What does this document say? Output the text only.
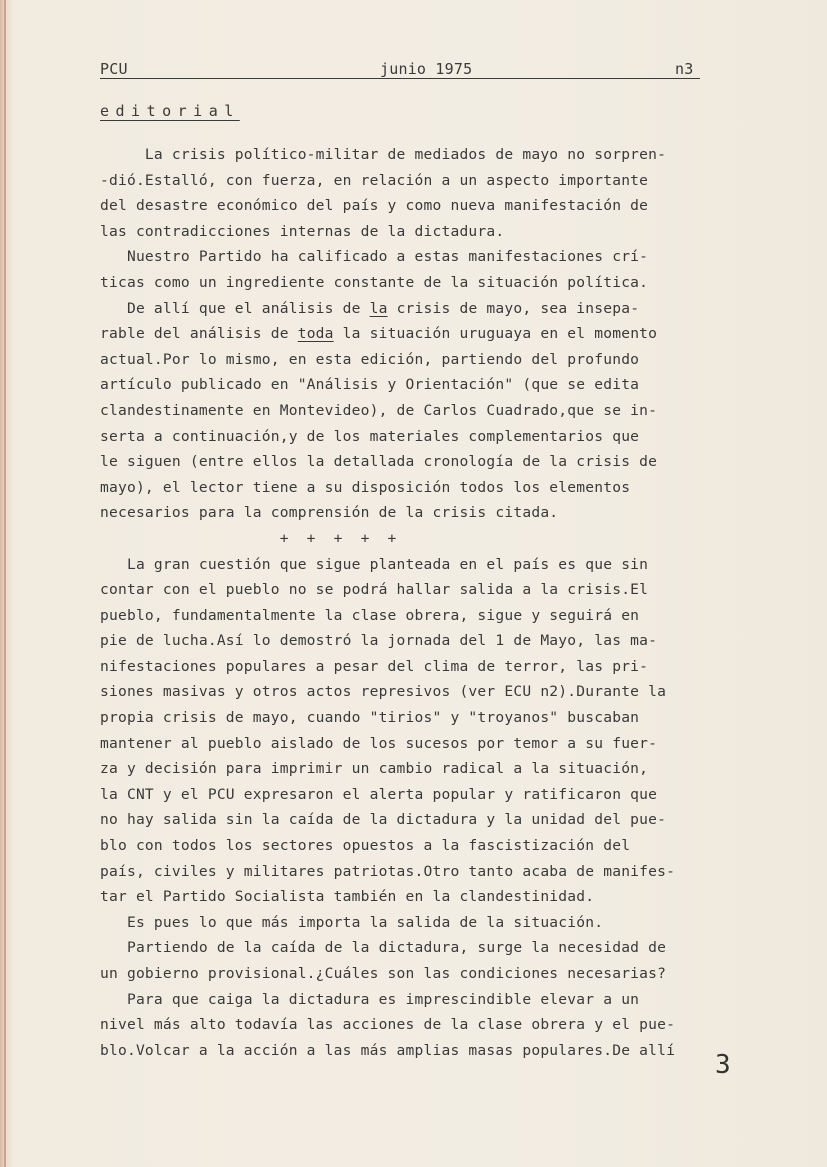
PCU	junio 1975	n3
editorial
La crisis político-militar de mediados de mayo no sorpren-
-dió.Estalló, con fuerza, en relación a un aspecto importante
del desastre económico del país y como nueva manifestación de
las contradicciones internas de la dictadura.
Nuestro Partido ha calificado a estas manifestaciones crí-
ticas como un ingrediente constante de la situación política.
De allí que el análisis de la crisis de mayo, sea insepa-
rable del análisis de toda la situación uruguaya en el momento
actual.Por lo mismo, en esta edición, partiendo del profundo
artículo publicado en "Análisis y Orientación" (que se edita
clandestinamente en Montevideo), de Carlos Cuadrado,que se in-
serta a continuación,y de los materiales complementarios que
le siguen (entre ellos la detallada cronología de la crisis de
mayo), el lector tiene a su disposición todos los elementos
necesarios para la comprensión de la crisis citada.
+  +  +  +  +
La gran cuestión que sigue planteada en el país es que sin
contar con el pueblo no se podrá hallar salida a la crisis.El
pueblo, fundamentalmente la clase obrera, sigue y seguirá en
pie de lucha.Así lo demostró la jornada del 1 de Mayo, las ma-
nifestaciones populares a pesar del clima de terror, las pri-
siones masivas y otros actos represivos (ver ECU n2).Durante la
propia crisis de mayo, cuando "tirios" y "troyanos" buscaban
mantener al pueblo aislado de los sucesos por temor a su fuer-
za y decisión para imprimir un cambio radical a la situación,
la CNT y el PCU expresaron el alerta popular y ratificaron que
no hay salida sin la caída de la dictadura y la unidad del pue-
blo con todos los sectores opuestos a la fascistización del
país, civiles y militares patriotas.Otro tanto acaba de manifes-
tar el Partido Socialista también en la clandestinidad.
Es pues lo que más importa la salida de la situación.
Partiendo de la caída de la dictadura, surge la necesidad de
un gobierno provisional.¿Cuáles son las condiciones necesarias?
Para que caiga la dictadura es imprescindible elevar a un
nivel más alto todavía las acciones de la clase obrera y el pue-
blo.Volcar a la acción a las más amplias masas populares.De allí	3
